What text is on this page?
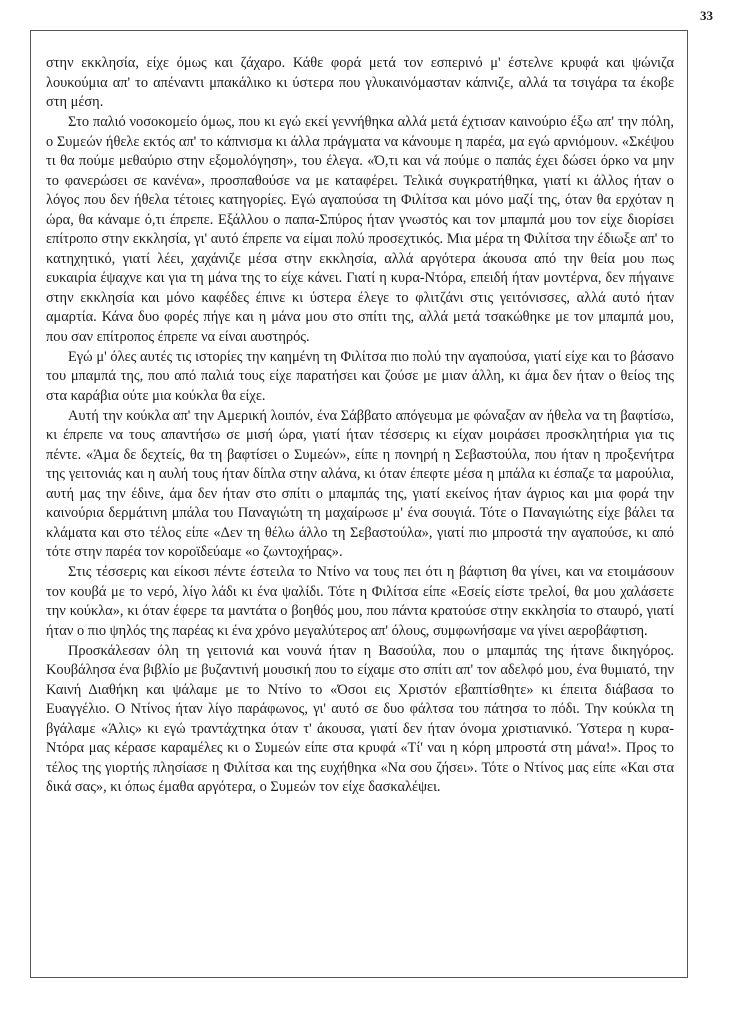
33

στην εκκλησία, είχε όμως και ζάχαρο. Κάθε φορά μετά τον εσπερινό μ' έστελνε κρυφά και ψώνιζα λουκούμια απ' το απέναντι μπακάλικο κι ύστερα που γλυκαινόμασταν κάπνιζε, αλλά τα τσιγάρα τα έκοβε στη μέση.

Στο παλιό νοσοκομείο όμως, που κι εγώ εκεί γεννήθηκα αλλά μετά έχτισαν καινούριο έξω απ' την πόλη, ο Συμεών ήθελε εκτός απ' το κάπνισμα κι άλλα πράγματα να κάνουμε η παρέα, μα εγώ αρνιόμουν. «Σκέψου τι θα πούμε μεθαύριο στην εξομολόγηση», του έλεγα. «Ό,τι και νά πούμε ο παπάς έχει δώσει όρκο να μην το φανερώσει σε κανένα», προσπαθούσε να με καταφέρει. Τελικά συγκρατήθηκα, γιατί κι άλλος ήταν ο λόγος που δεν ήθελα τέτοιες κατηγορίες. Εγώ αγαπούσα τη Φιλίτσα και μόνο μαζί της, όταν θα ερχόταν η ώρα, θα κάναμε ό,τι έπρεπε. Εξάλλου ο παπα-Σπύρος ήταν γνωστός και τον μπαμπά μου τον είχε διορίσει επίτροπο στην εκκλησία, γι' αυτό έπρεπε να είμαι πολύ προσεχτικός. Μια μέρα τη Φιλίτσα την έδιωξε απ' το κατηχητικό, γιατί λέει, χαχάνιζε μέσα στην εκκλησία, αλλά αργότερα άκουσα από την θεία μου πως ευκαιρία έψαχνε και για τη μάνα της το είχε κάνει. Γιατί η κυρα-Ντόρα, επειδή ήταν μοντέρνα, δεν πήγαινε στην εκκλησία και μόνο καφέδες έπινε κι ύστερα έλεγε το φλιτζάνι στις γειτόνισσες, αλλά αυτό ήταν αμαρτία. Κάνα δυο φορές πήγε και η μάνα μου στο σπίτι της, αλλά μετά τσακώθηκε με τον μπαμπά μου, που σαν επίτροπος έπρεπε να είναι αυστηρός.

Εγώ μ' όλες αυτές τις ιστορίες την καημένη τη Φιλίτσα πιο πολύ την αγαπούσα, γιατί είχε και το βάσανο του μπαμπά της, που από παλιά τους είχε παρατήσει και ζούσε με μιαν άλλη, κι άμα δεν ήταν ο θείος της στα καράβια ούτε μια κούκλα θα είχε.

Αυτή την κούκλα απ' την Αμερική λοιπόν, ένα Σάββατο απόγευμα με φώναξαν αν ήθελα να τη βαφτίσω, κι έπρεπε να τους απαντήσω σε μισή ώρα, γιατί ήταν τέσσερις κι είχαν μοιράσει προσκλητήρια για τις πέντε. «Άμα δε δεχτείς, θα τη βαφτίσει ο Συμεών», είπε η πονηρή η Σεβαστούλα, που ήταν η προξενήτρα της γειτονιάς και η αυλή τους ήταν δίπλα στην αλάνα, κι όταν έπεφτε μέσα η μπάλα κι έσπαζε τα μαρούλια, αυτή μας την έδινε, άμα δεν ήταν στο σπίτι ο μπαμπάς της, γιατί εκείνος ήταν άγριος και μια φορά την καινούρια δερμάτινη μπάλα του Παναγιώτη τη μαχαίρωσε μ' ένα σουγιά. Τότε ο Παναγιώτης είχε βάλει τα κλάματα και στο τέλος είπε «Δεν τη θέλω άλλο τη Σεβαστούλα», γιατί πιο μπροστά την αγαπούσε, κι από τότε στην παρέα τον κοροϊδεύαμε «ο ζωντοχήρας».

Στις τέσσερις και είκοσι πέντε έστειλα το Ντίνο να τους πει ότι η βάφτιση θα γίνει, και να ετοιμάσουν τον κουβά με το νερό, λίγο λάδι κι ένα ψαλίδι. Τότε η Φιλίτσα είπε «Εσείς είστε τρελοί, θα μου χαλάσετε την κούκλα», κι όταν έφερε τα μαντάτα ο βοηθός μου, που πάντα κρατούσε στην εκκλησία το σταυρό, γιατί ήταν ο πιο ψηλός της παρέας κι ένα χρόνο μεγαλύτερος απ' όλους, συμφωνήσαμε να γίνει αεροβάφτιση.

Προσκάλεσαν όλη τη γειτονιά και νουνά ήταν η Βασούλα, που ο μπαμπάς της ήτανε δικηγόρος. Κουβάλησα ένα βιβλίο με βυζαντινή μουσική που το είχαμε στο σπίτι απ' τον αδελφό μου, ένα θυμιατό, την Καινή Διαθήκη και ψάλαμε με το Ντίνο το «Όσοι εις Χριστόν εβαπτίσθητε» κι έπειτα διάβασα το Ευαγγέλιο. Ο Ντίνος ήταν λίγο παράφωνος, γι' αυτό σε δυο φάλτσα του πάτησα το πόδι. Την κούκλα τη βγάλαμε «Άλις» κι εγώ τραντάχτηκα όταν τ' άκουσα, γιατί δεν ήταν όνομα χριστιανικό. Ύστερα η κυρα-Ντόρα μας κέρασε καραμέλες κι ο Συμεών είπε στα κρυφά «Τί' ναι η κόρη μπροστά στη μάνα!». Προς το τέλος της γιορτής πλησίασε η Φιλίτσα και της ευχήθηκα «Να σου ζήσει». Τότε ο Ντίνος μας είπε «Και στα δικά σας», κι όπως έμαθα αργότερα, ο Συμεών τον είχε δασκαλέψει.
